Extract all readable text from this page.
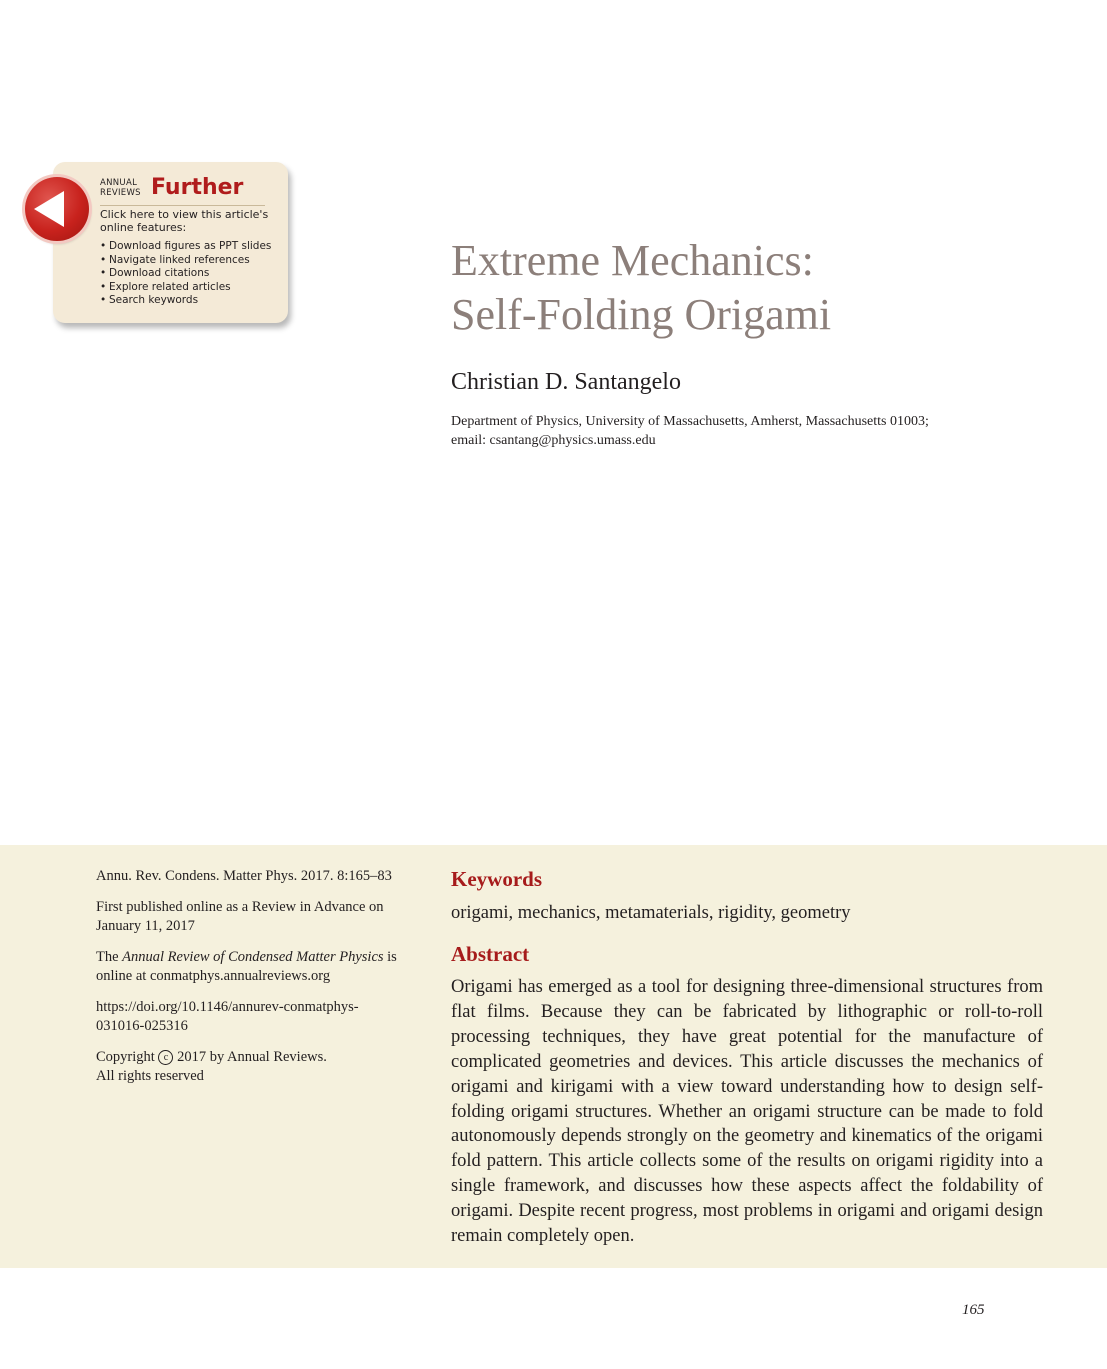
ANNUAL
REVIEWS Further
Click here to view this article's online features:
• Download figures as PPT slides
• Navigate linked references
• Download citations
• Explore related articles
• Search keywords
Extreme Mechanics:
Self-Folding Origami
Christian D. Santangelo
Department of Physics, University of Massachusetts, Amherst, Massachusetts 01003;
email: csantang@physics.umass.edu

Annu. Rev. Condens. Matter Phys. 2017. 8:165–83

First published online as a Review in Advance on
January 11, 2017

The Annual Review of Condensed Matter Physics is
online at conmatphys.annualreviews.org

https://doi.org/10.1146/annurev-conmatphys-
031016-025316

Copyright c 2017 by Annual Reviews.
All rights reserved

Keywords
origami, mechanics, metamaterials, rigidity, geometry
Abstract

Origami has emerged as a tool for designing three-dimensional structures from flat films. Because they can be fabricated by lithographic or roll-to-roll processing techniques, they have great potential for the manufacture of complicated geometries and devices. This article discusses the mechanics of origami and kirigami with a view toward understanding how to design self-folding origami structures. Whether an origami structure can be made to fold autonomously depends strongly on the geometry and kinematics of the origami fold pattern. This article collects some of the results on origami rigidity into a single framework, and discusses how these aspects affect the foldability of origami. Despite recent progress, most problems in origami and origami design remain completely open.

165
